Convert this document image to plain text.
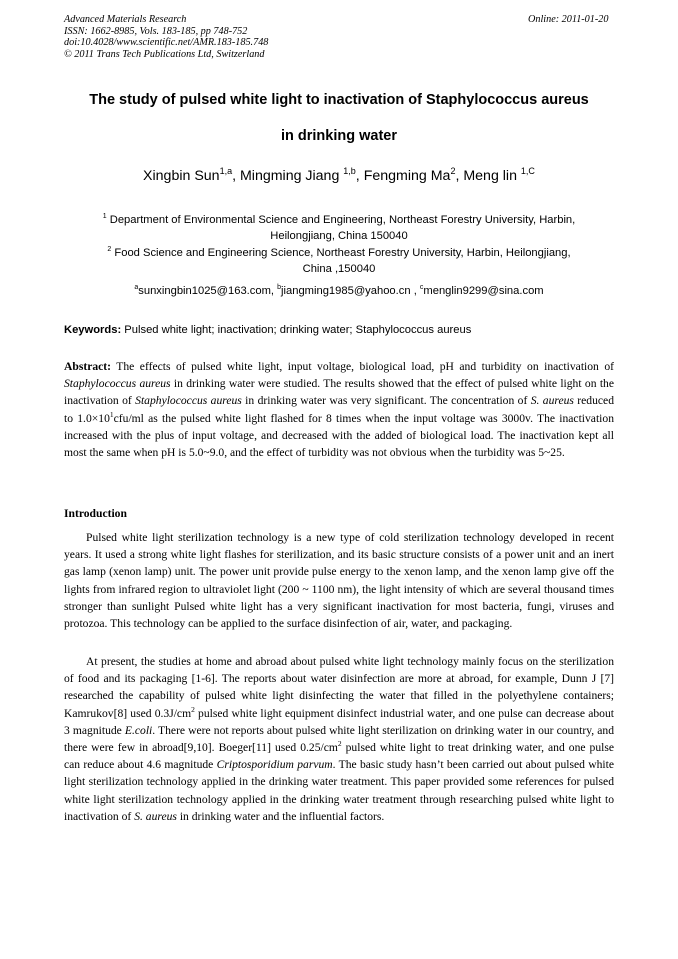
Advanced Materials Research
ISSN: 1662-8985, Vols. 183-185, pp 748-752
doi:10.4028/www.scientific.net/AMR.183-185.748
© 2011 Trans Tech Publications Ltd, Switzerland
Online: 2011-01-20
The study of pulsed white light to inactivation of Staphylococcus aureus
in drinking water
Xingbin Sun$^{1,a}$, Mingming Jiang $^{1,b}$, Fengming Ma$^2$, Meng lin $^{1,C}$
$^1$ Department of Environmental Science and Engineering, Northeast Forestry University, Harbin,
Heilongjiang, China 150040
$^2$ Food Science and Engineering Science, Northeast Forestry University, Harbin, Heilongjiang,
China ,150040
$^a$sunxingbin1025@163.com, $^b$jiangming1985@yahoo.cn , $^c$menglin9299@sina.com
Keywords: Pulsed white light; inactivation; drinking water; Staphylococcus aureus
Abstract: The effects of pulsed white light, input voltage, biological load, pH and turbidity on inactivation of Staphylococcus aureus in drinking water were studied. The results showed that the effect of pulsed white light on the inactivation of Staphylococcus aureus in drinking water was very significant. The concentration of S. aureus reduced to $1.0\times 10^1cfu/ml$ as the pulsed white light flashed for 8 times when the input voltage was 3000v. The inactivation increased with the plus of input voltage, and decreased with the added of biological load. The inactivation kept all most the same when pH is 5.0~9.0, and the effect of turbidity was not obvious when the turbidity was 5~25.
Introduction
Pulsed white light sterilization technology is a new type of cold sterilization technology developed in recent years. It used a strong white light flashes for sterilization, and its basic structure consists of a power unit and an inert gas lamp (xenon lamp) unit. The power unit provide pulse energy to the xenon lamp, and the xenon lamp give off the lights from infrared region to ultraviolet light (200 ~ 1100 nm), the light intensity of which are several thousand times stronger than sunlight Pulsed white light has a very significant inactivation for most bacteria, fungi, viruses and protozoa. This technology can be applied to the surface disinfection of air, water, and packaging.
At present, the studies at home and abroad about pulsed white light technology mainly focus on the sterilization of food and its packaging [1-6]. The reports about water disinfection are more at abroad, for example, Dunn J [7] researched the capability of pulsed white light disinfecting the water that filled in the polyethylene containers; Kamrukov[8] used $0.3J/cm^2$ pulsed white light equipment disinfect industrial water, and one pulse can decrease about 3 magnitude E.coli. There were not reports about pulsed white light sterilization on drinking water in our country, and there were few in abroad[9,10]. Boeger[11] used $0.25/cm^2$ pulsed white light to treat drinking water, and one pulse can reduce about 4.6 magnitude Criptosporidium parvum. The basic study hasn’t been carried out about pulsed white light sterilization technology applied in the drinking water treatment. This paper provided some references for pulsed white light sterilization technology applied in the drinking water treatment through researching pulsed white light to inactivation of S. aureus in drinking water and the influential factors.
